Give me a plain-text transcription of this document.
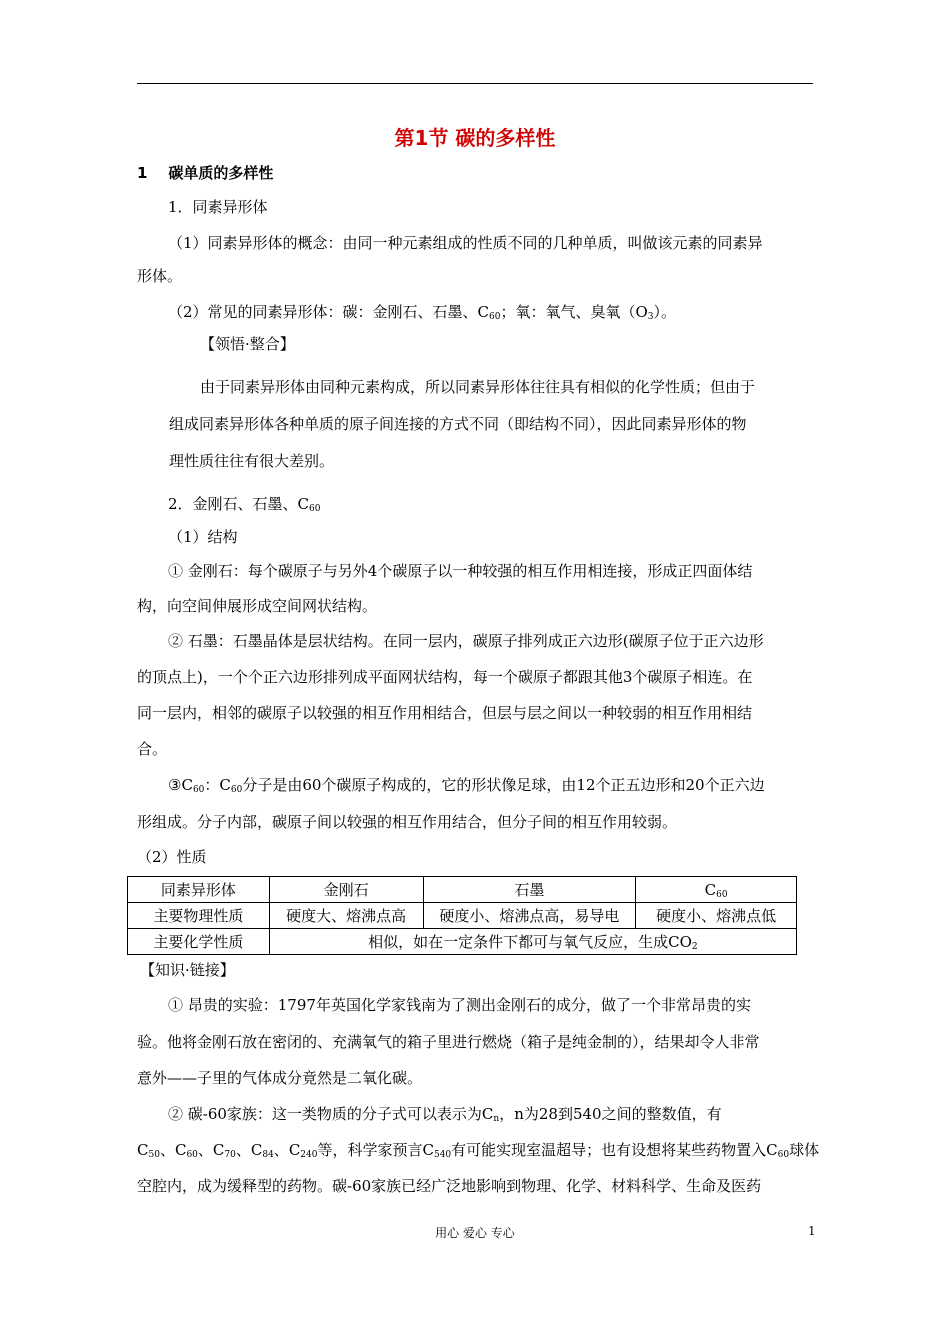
第1节 碳的多样性
1 碳单质的多样性
1．同素异形体
（1）同素异形体的概念：由同一种元素组成的性质不同的几种单质，叫做该元素的同素异
形体。
（2）常见的同素异形体：碳：金刚石、石墨、$C_{60}$；氧：氧气、臭氧$(O_3)$。
【领悟·整合】
由于同素异形体由同种元素构成，所以同素异形体往往具有相似的化学性质；但由于
组成同素异形体各种单质的原子间连接的方式不同（即结构不同），因此同素异形体的物
理性质往往有很大差别。
2．金刚石、石墨、$C_{60}$
（1）结构
① 金刚石：每个碳原子与另外4个碳原子以一种较强的相互作用相连接，形成正四面体结
构，向空间伸展形成空间网状结构。
② 石墨：石墨晶体是层状结构。在同一层内，碳原子排列成正六边形(碳原子位于正六边形
的顶点上)，一个个正六边形排列成平面网状结构，每一个碳原子都跟其他3个碳原子相连。在
同一层内，相邻的碳原子以较强的相互作用相结合，但层与层之间以一种较弱的相互作用相结
合。
$③C_{60}$：$C_{60}$分子是由60个碳原子构成的，它的形状像足球，由12个正五边形和20个正六边
形组成。分子内部，碳原子间以较强的相互作用结合，但分子间的相互作用较弱。
（2）性质
同素异形体	金刚石	石墨	$C_{60}$
主要物理性质	硬度大、熔沸点高	硬度小、熔沸点高，易导电	硬度小、熔沸点低
主要化学性质	相似，如在一定条件下都可与氧气反应，生成$CO_2$
【知识·链接】
① 昂贵的实验：1797年英国化学家钱南为了测出金刚石的成分，做了一个非常昂贵的实
验。他将金刚石放在密闭的、充满氧气的箱子里进行燃烧（箱子是纯金制的），结果却令人非常
意外——子里的气体成分竟然是二氧化碳。
② 碳-60家族：这一类物质的分子式可以表示为$C_n$，n为28到540之间的整数值，有
$C_{50}$、$C_{60}$、$C_{70}$、$C_{84}$、$C_{240}$等，科学家预言$C_{540}$有可能实现室温超导；也有设想将某些药物置入$C_{60}$球体
空腔内，成为缓释型的药物。碳-60家族已经广泛地影响到物理、化学、材料科学、生命及医药
用心 爱心 专心	1
